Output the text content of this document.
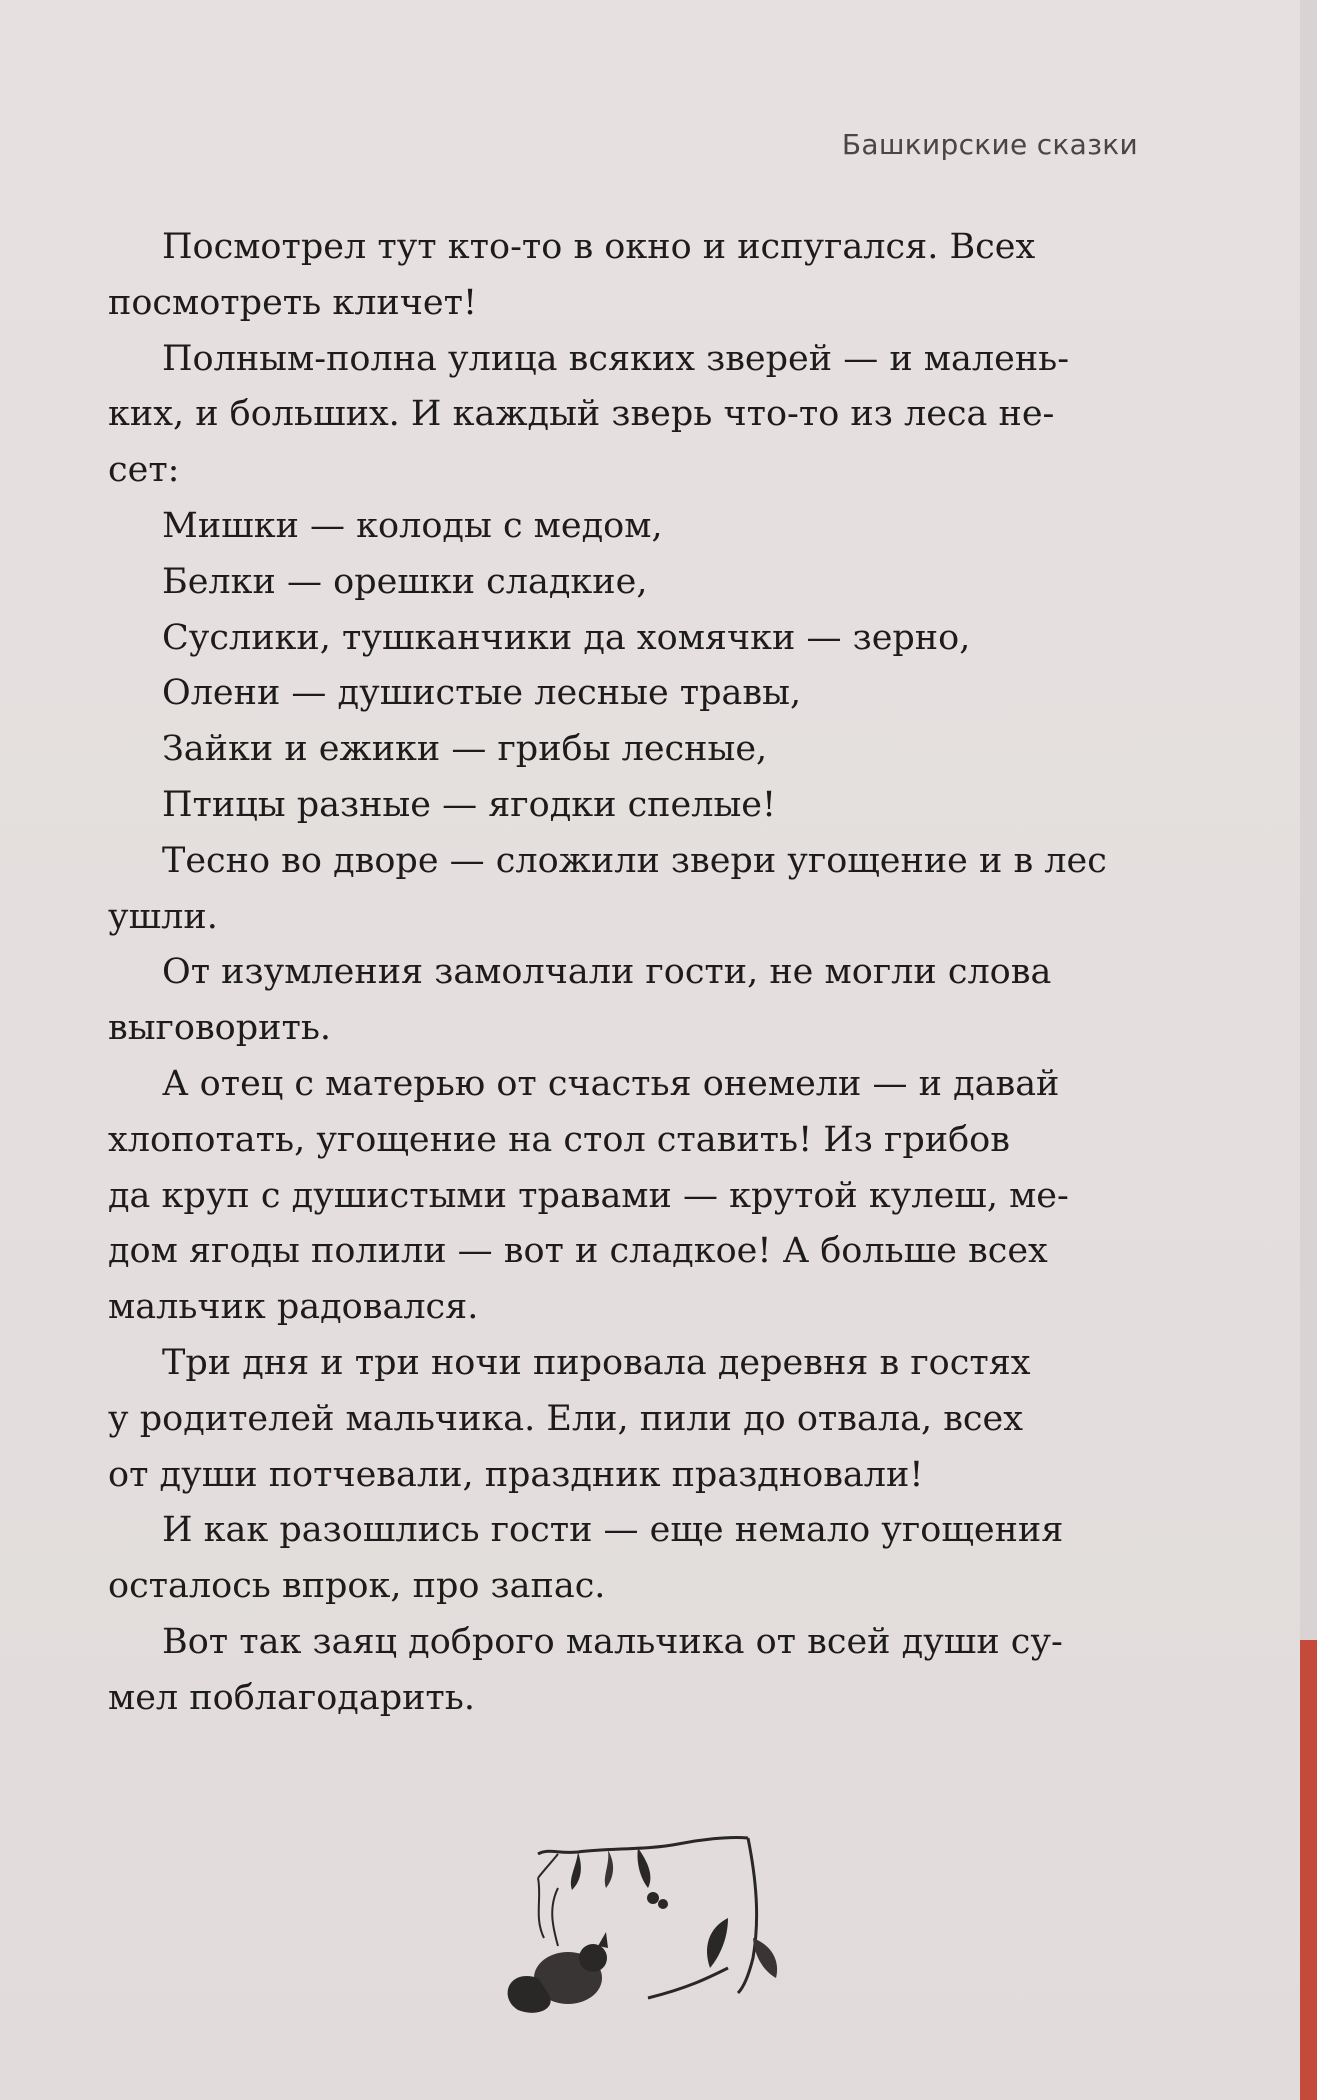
Башкирские сказки

Посмотрел тут кто-то в окно и испугался. Всех
посмотреть кличет!

Полным-полна улица всяких зверей — и малень-
ких, и больших. И каждый зверь что-то из леса не-
сет:

Мишки — колоды с медом,

Белки — орешки сладкие,

Суслики, тушканчики да хомячки — зерно,

Олени — душистые лесные травы,

Зайки и ежики — грибы лесные,

Птицы разные — ягодки спелые!

Тесно во дворе — сложили звери угощение и в лес
ушли.

От изумления замолчали гости, не могли слова
выговорить.

А отец с матерью от счастья онемели — и давай
хлопотать, угощение на стол ставить! Из грибов
да круп с душистыми травами — крутой кулеш, ме-
дом ягоды полили — вот и сладкое! А больше всех
мальчик радовался.

Три дня и три ночи пировала деревня в гостях
у родителей мальчика. Ели, пили до отвала, всех
от души потчевали, праздник праздновали!

И как разошлись гости — еще немало угощения
осталось впрок, про запас.

Вот так заяц доброго мальчика от всей души су-
мел поблагодарить.
